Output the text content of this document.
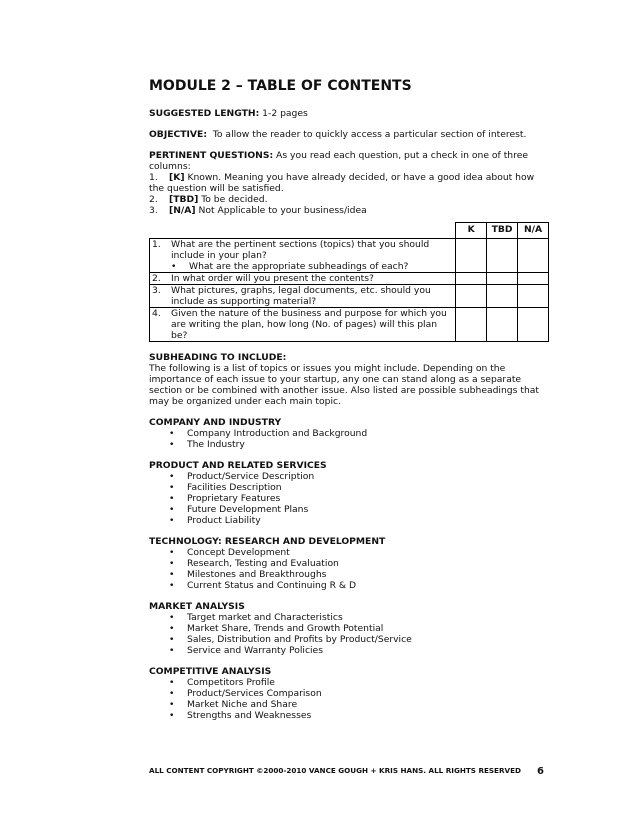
MODULE 2 – TABLE OF CONTENTS
SUGGESTED LENGTH: 1-2 pages
OBJECTIVE: To allow the reader to quickly access a particular section of interest.
PERTINENT QUESTIONS: As you read each question, put a check in one of three columns:
1. [K] Known. Meaning you have already decided, or have a good idea about how the question will be satisfied.
2. [TBD] To be decided.
3. [N/A] Not Applicable to your business/idea
	K	TBD	N/A

1. What are the pertinent sections (topics) that you should include in your plan?
• What are the appropriate subheadings of each?			

2. In what order will you present the contents?			

3. What pictures, graphs, legal documents, etc. should you include as supporting material?			

4. Given the nature of the business and purpose for which you are writing the plan, how long (No. of pages) will this plan be?			

SUBHEADING TO INCLUDE:
The following is a list of topics or issues you might include. Depending on the importance of each issue to your startup, any one can stand along as a separate section or be combined with another issue. Also listed are possible subheadings that may be organized under each main topic.
COMPANY AND INDUSTRY
•	Company Introduction and Background
•	The Industry
PRODUCT AND RELATED SERVICES
•	Product/Service Description
•	Facilities Description
•	Proprietary Features
•	Future Development Plans
•	Product Liability
TECHNOLOGY: RESEARCH AND DEVELOPMENT
•	Concept Development
•	Research, Testing and Evaluation
•	Milestones and Breakthroughs
•	Current Status and Continuing R & D
MARKET ANALYSIS
•	Target market and Characteristics
•	Market Share, Trends and Growth Potential
•	Sales, Distribution and Profits by Product/Service
•	Service and Warranty Policies
COMPETITIVE ANALYSIS
•	Competitors Profile
•	Product/Services Comparison
•	Market Niche and Share
•	Strengths and Weaknesses
ALL CONTENT COPYRIGHT ©2000-2010 VANCE GOUGH + KRIS HANS. ALL RIGHTS RESERVED 6
